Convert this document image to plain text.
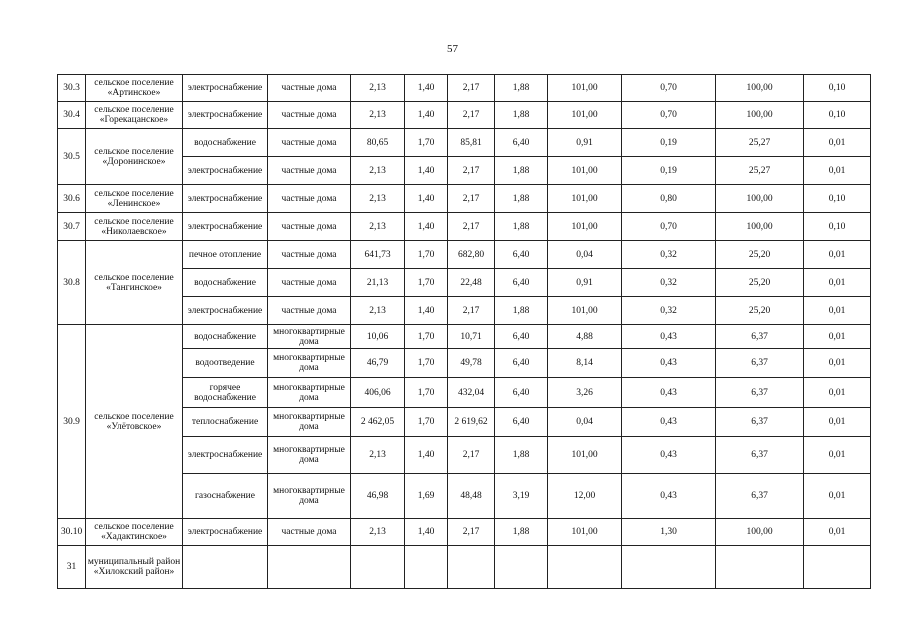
57
30.3	сельское поселение «Артинское»	электроснабжение	частные дома	2,13	1,40	2,17	1,88	101,00	0,70	100,00	0,10
30.4	сельское поселение «Горекацанское»	электроснабжение	частные дома	2,13	1,40	2,17	1,88	101,00	0,70	100,00	0,10
30.5	сельское поселение «Доронинское»	водоснабжение	частные дома	80,65	1,70	85,81	6,40	0,91	0,19	25,27	0,01
		электроснабжение	частные дома	2,13	1,40	2,17	1,88	101,00	0,19	25,27	0,01
30.6	сельское поселение «Ленинское»	электроснабжение	частные дома	2,13	1,40	2,17	1,88	101,00	0,80	100,00	0,10
30.7	сельское поселение «Николаевское»	электроснабжение	частные дома	2,13	1,40	2,17	1,88	101,00	0,70	100,00	0,10
30.8	сельское поселение «Тангинское»	печное отопление	частные дома	641,73	1,70	682,80	6,40	0,04	0,32	25,20	0,01
		водоснабжение	частные дома	21,13	1,70	22,48	6,40	0,91	0,32	25,20	0,01
		электроснабжение	частные дома	2,13	1,40	2,17	1,88	101,00	0,32	25,20	0,01
30.9	сельское поселение «Улётовское»	водоснабжение	многоквартирные дома	10,06	1,70	10,71	6,40	4,88	0,43	6,37	0,01
		водоотведение	многоквартирные дома	46,79	1,70	49,78	6,40	8,14	0,43	6,37	0,01
		горячее водоснабжение	многоквартирные дома	406,06	1,70	432,04	6,40	3,26	0,43	6,37	0,01
		теплоснабжение	многоквартирные дома	2 462,05	1,70	2 619,62	6,40	0,04	0,43	6,37	0,01
		электроснабжение	многоквартирные дома	2,13	1,40	2,17	1,88	101,00	0,43	6,37	0,01
		газоснабжение	многоквартирные дома	46,98	1,69	48,48	3,19	12,00	0,43	6,37	0,01
30.10	сельское поселение «Хадактинское»	электроснабжение	частные дома	2,13	1,40	2,17	1,88	101,00	1,30	100,00	0,01
31	муниципальный район «Хилокский район»										
